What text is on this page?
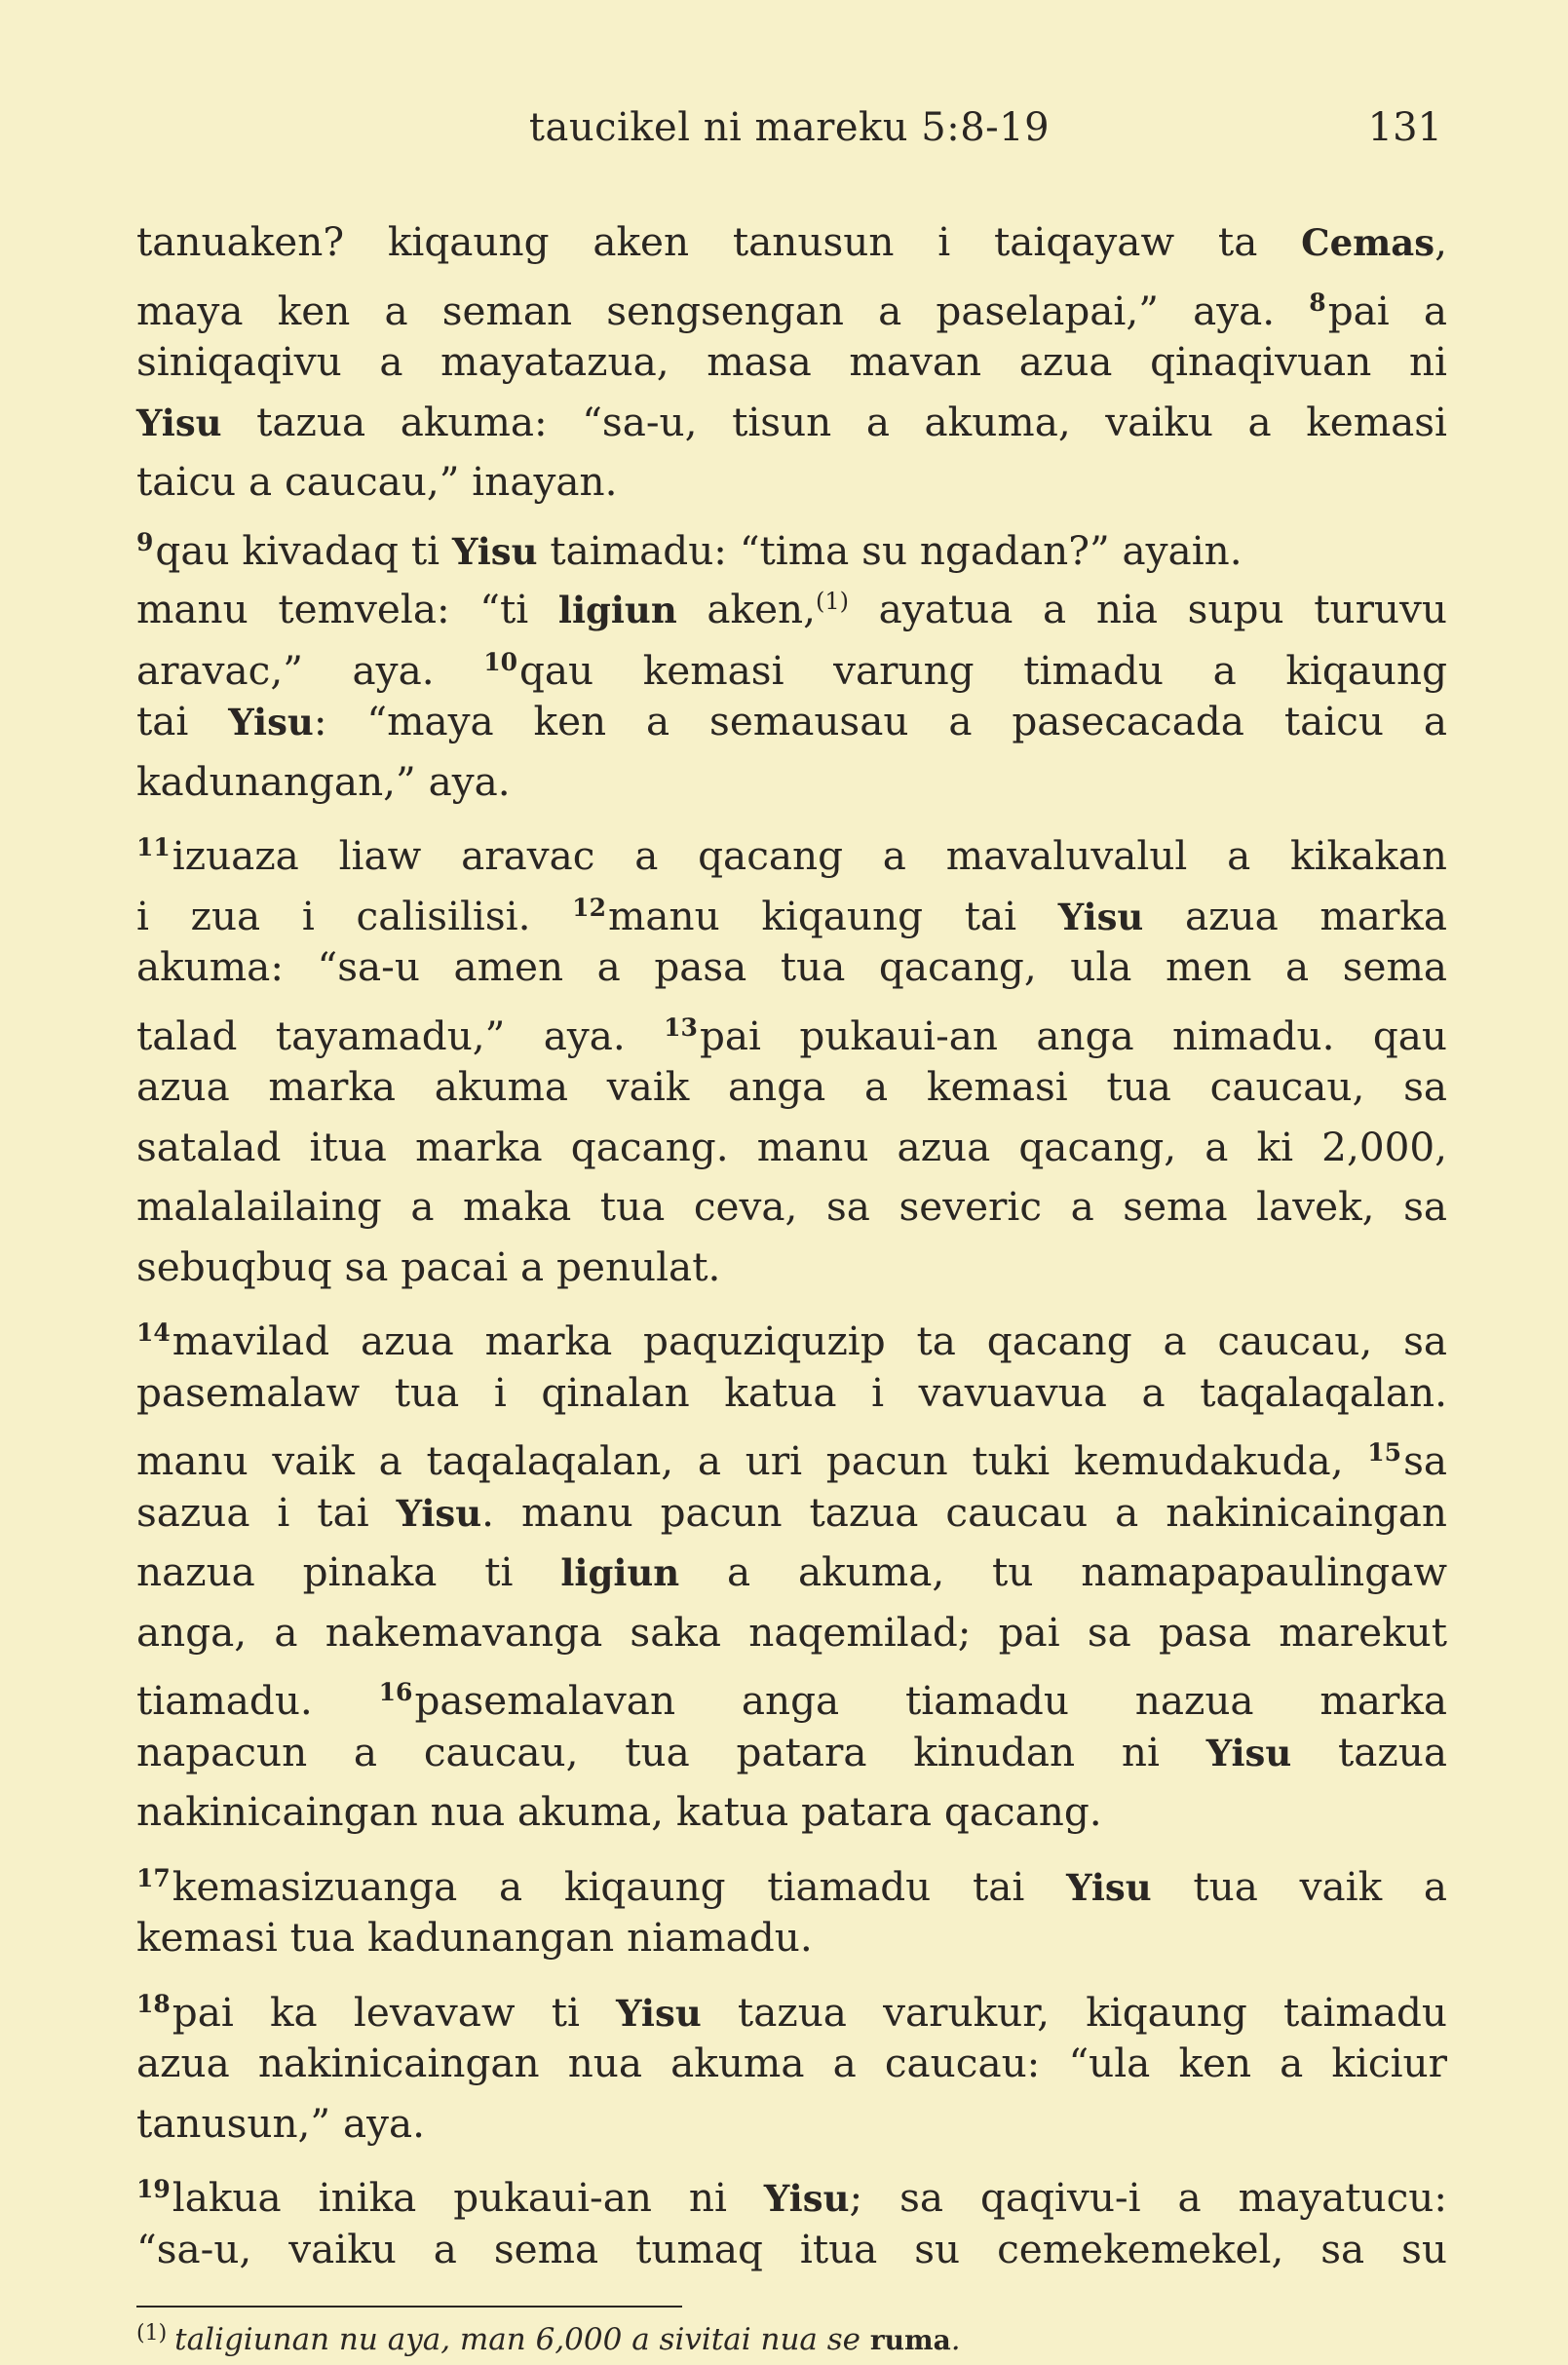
taucikel ni mareku 5:8-19	131
tanuaken? kiqaung aken tanusun i taiqayaw ta Cemas,
maya ken a seman sengsengan a paselapai,” aya. $^8$pai a
siniqaqivu a mayatazua, masa mavan azua qinaqivuan ni
Yisu tazua akuma: “sa-u, tisun a akuma, vaiku a kemasi
taicu a caucau,” inayan.
$^9$qau kivadaq ti Yisu taimadu: “tima su ngadan?” ayain.
manu temvela: “ti ligiun aken,$^{(1)}$ ayatua a nia supu turuvu
aravac,” aya. $^{10}$qau kemasi varung timadu a kiqaung
tai Yisu: “maya ken a semausau a pasecacada taicu a
kadunangan,” aya.
$^{11}$izuaza liaw aravac a qacang a mavaluvalul a kikakan
i zua i calisilisi. $^{12}$manu kiqaung tai Yisu azua marka
akuma: “sa-u amen a pasa tua qacang, ula men a sema
talad tayamadu,” aya. $^{13}$pai pukaui-an anga nimadu. qau
azua marka akuma vaik anga a kemasi tua caucau, sa
satalad itua marka qacang. manu azua qacang, a ki 2,000,
malalailaing a maka tua ceva, sa severic a sema lavek, sa
sebuqbuq sa pacai a penulat.
$^{14}$mavilad azua marka paquziquzip ta qacang a caucau, sa
pasemalaw tua i qinalan katua i vavuavua a taqalaqalan.
manu vaik a taqalaqalan, a uri pacun tuki kemudakuda, $^{15}$sa
sazua i tai Yisu. manu pacun tazua caucau a nakinicaingan
nazua pinaka ti ligiun a akuma, tu namapapaulingaw
anga, a nakemavanga saka naqemilad; pai sa pasa marekut
tiamadu. $^{16}$pasemalavan anga tiamadu nazua marka
napacun a caucau, tua patara kinudan ni Yisu tazua
nakinicaingan nua akuma, katua patara qacang.
$^{17}$kemasizuanga a kiqaung tiamadu tai Yisu tua vaik a
kemasi tua kadunangan niamadu.
$^{18}$pai ka levavaw ti Yisu tazua varukur, kiqaung taimadu
azua nakinicaingan nua akuma a caucau: “ula ken a kiciur
tanusun,” aya.
$^{19}$lakua inika pukaui-an ni Yisu; sa qaqivu-i a mayatucu:
“sa-u, vaiku a sema tumaq itua su cemekemekel, sa su
$^{(1)}$ taligiunan nu aya, man 6,000 a sivitai nua se ruma.
